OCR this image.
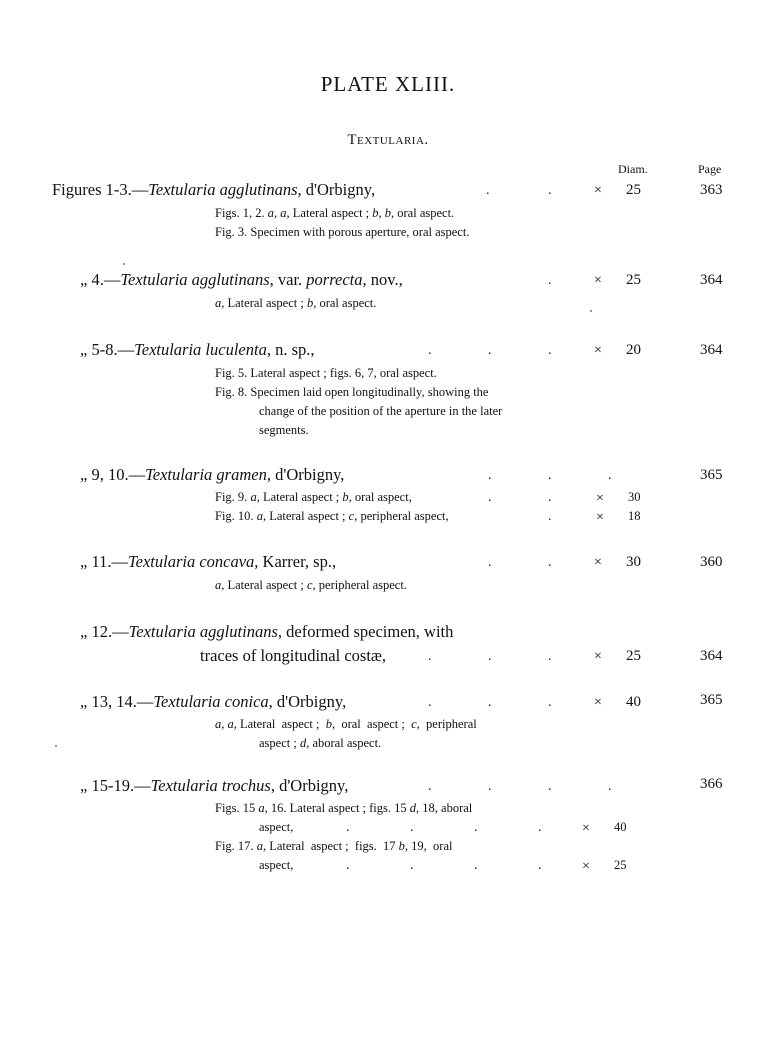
PLATE XLIII.
Textularia.
Diam.	Page
Figures 1-3.—Textularia agglutinans, d'Orbigny,	.	.	× 25	363
Figs. 1, 2. a, a, Lateral aspect ; b, b, oral aspect.
Fig. 3. Specimen with porous aperture, oral aspect.
„ 4.—Textularia agglutinans, var. porrecta, nov.,	.	× 25	364
a, Lateral aspect ; b, oral aspect.
„ 5-8.—Textularia luculenta, n. sp.,	.	.	.	× 20	364
Fig. 5. Lateral aspect ; figs. 6, 7, oral aspect.
Fig. 8. Specimen laid open longitudinally, showing the
change of the position of the aperture in the later
segments.
„ 9, 10.—Textularia gramen, d'Orbigny,	.	.	.	365
Fig. 9. a, Lateral aspect ; b, oral aspect,	.	.	× 30
Fig. 10. a, Lateral aspect ; c, peripheral aspect,	.	× 18
„ 11.—Textularia concava, Karrer, sp.,	.	.	× 30	360
a, Lateral aspect ; c, peripheral aspect.
„ 12.—Textularia agglutinans, deformed specimen, with
traces of longitudinal costæ,	.	.	.	× 25	364
„ 13, 14.—Textularia conica, d'Orbigny,	.	.	.	× 40	365
a, a, Lateral  aspect ;  b,  oral  aspect ;  c,  peripheral
aspect ; d, aboral aspect.
„ 15-19.—Textularia trochus, d'Orbigny,	.	.	.	.	366
Figs. 15 a, 16. Lateral aspect ; figs. 15 d, 18, aboral
aspect,	.	.	.	.	× 40
Fig. 17. a, Lateral  aspect ;  figs.  17 b, 19,  oral
aspect,	.	.	.	.	× 25
